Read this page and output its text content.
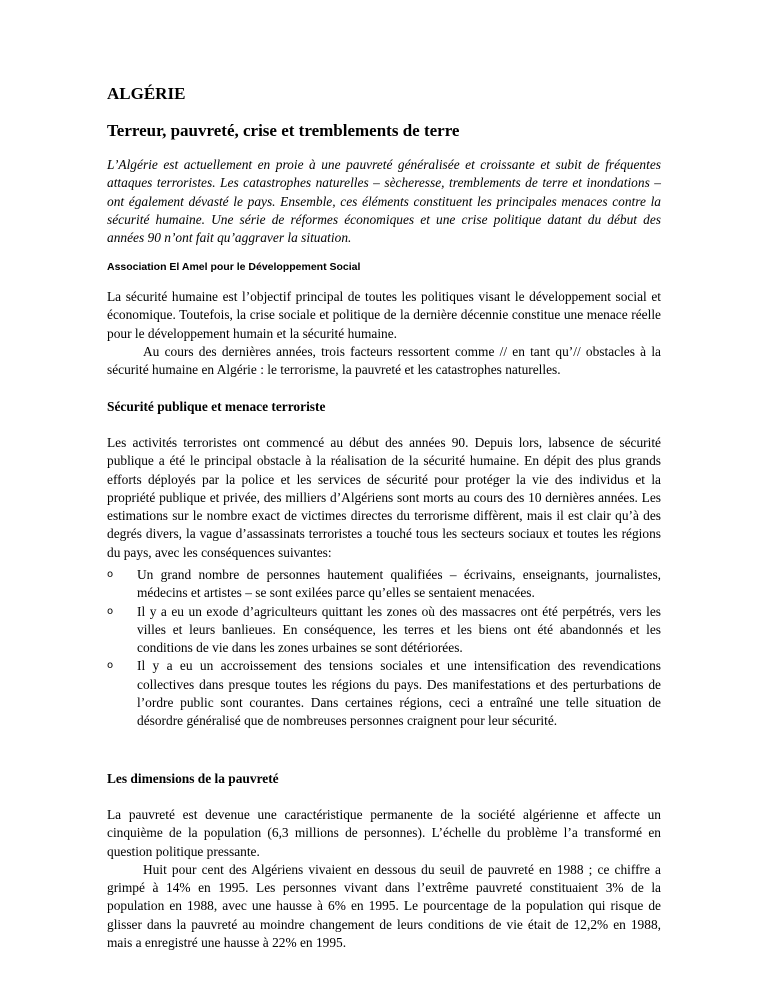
ALGÉRIE
Terreur, pauvreté, crise et tremblements de terre

L’Algérie est actuellement en proie à une pauvreté généralisée et croissante et subit de fréquentes attaques terroristes. Les catastrophes naturelles – sècheresse, tremblements de terre et inondations – ont également dévasté le pays. Ensemble, ces éléments constituent les principales menaces contre la sécurité humaine. Une série de réformes économiques et une crise politique datant du début des années 90 n’ont fait qu’aggraver la situation.

Association El Amel pour le Développement Social

La sécurité humaine est l’objectif principal de toutes les politiques visant le développement social et économique. Toutefois, la crise sociale et politique de la dernière décennie constitue une menace réelle pour le développement humain et la sécurité humaine.

Au cours des dernières années, trois facteurs ressortent comme // en tant qu’// obstacles à la sécurité humaine en Algérie : le terrorisme, la pauvreté et les catastrophes naturelles.

Sécurité publique et menace terroriste

Les activités terroristes ont commencé au début des années 90. Depuis lors, labsence de sécurité publique a été le principal obstacle à la réalisation de la sécurité humaine. En dépit des plus grands efforts déployés par la police et les services de sécurité pour protéger la vie des individus et la propriété publique et privée, des milliers d’Algériens sont morts au cours des 10 dernières années. Les estimations sur le nombre exact de victimes directes du terrorisme diffèrent, mais il est clair qu’à des degrés divers, la vague d’assassinats terroristes a touché tous les secteurs sociaux et toutes les régions du pays, avec les conséquences suivantes:

o Un grand nombre de personnes hautement qualifiées – écrivains, enseignants, journalistes, médecins et artistes – se sont exilées parce qu’elles se sentaient menacées.
o Il y a eu un exode d’agriculteurs quittant les zones où des massacres ont été perpétrés, vers les villes et leurs banlieues. En conséquence, les terres et les biens ont été abandonnés et les conditions de vie dans les zones urbaines se sont détériorées.
o Il y a eu un accroissement des tensions sociales et une intensification des revendications collectives dans presque toutes les régions du pays. Des manifestations et des perturbations de l’ordre public sont courantes. Dans certaines régions, ceci a entraîné une telle situation de désordre généralisé que de nombreuses personnes craignent pour leur sécurité.
Les dimensions de la pauvreté

La pauvreté est devenue une caractéristique permanente de la société algérienne et affecte un cinquième de la population (6,3 millions de personnes). L’échelle du problème l’a transformé en question politique pressante.

Huit pour cent des Algériens vivaient en dessous du seuil de pauvreté en 1988 ; ce chiffre a grimpé à 14% en 1995. Les personnes vivant dans l’extrême pauvreté constituaient 3% de la population en 1988, avec une hausse à 6% en 1995. Le pourcentage de la population qui risque de glisser dans la pauvreté au moindre changement de leurs conditions de vie était de 12,2% en 1988, mais a enregistré une hausse à 22% en 1995.
